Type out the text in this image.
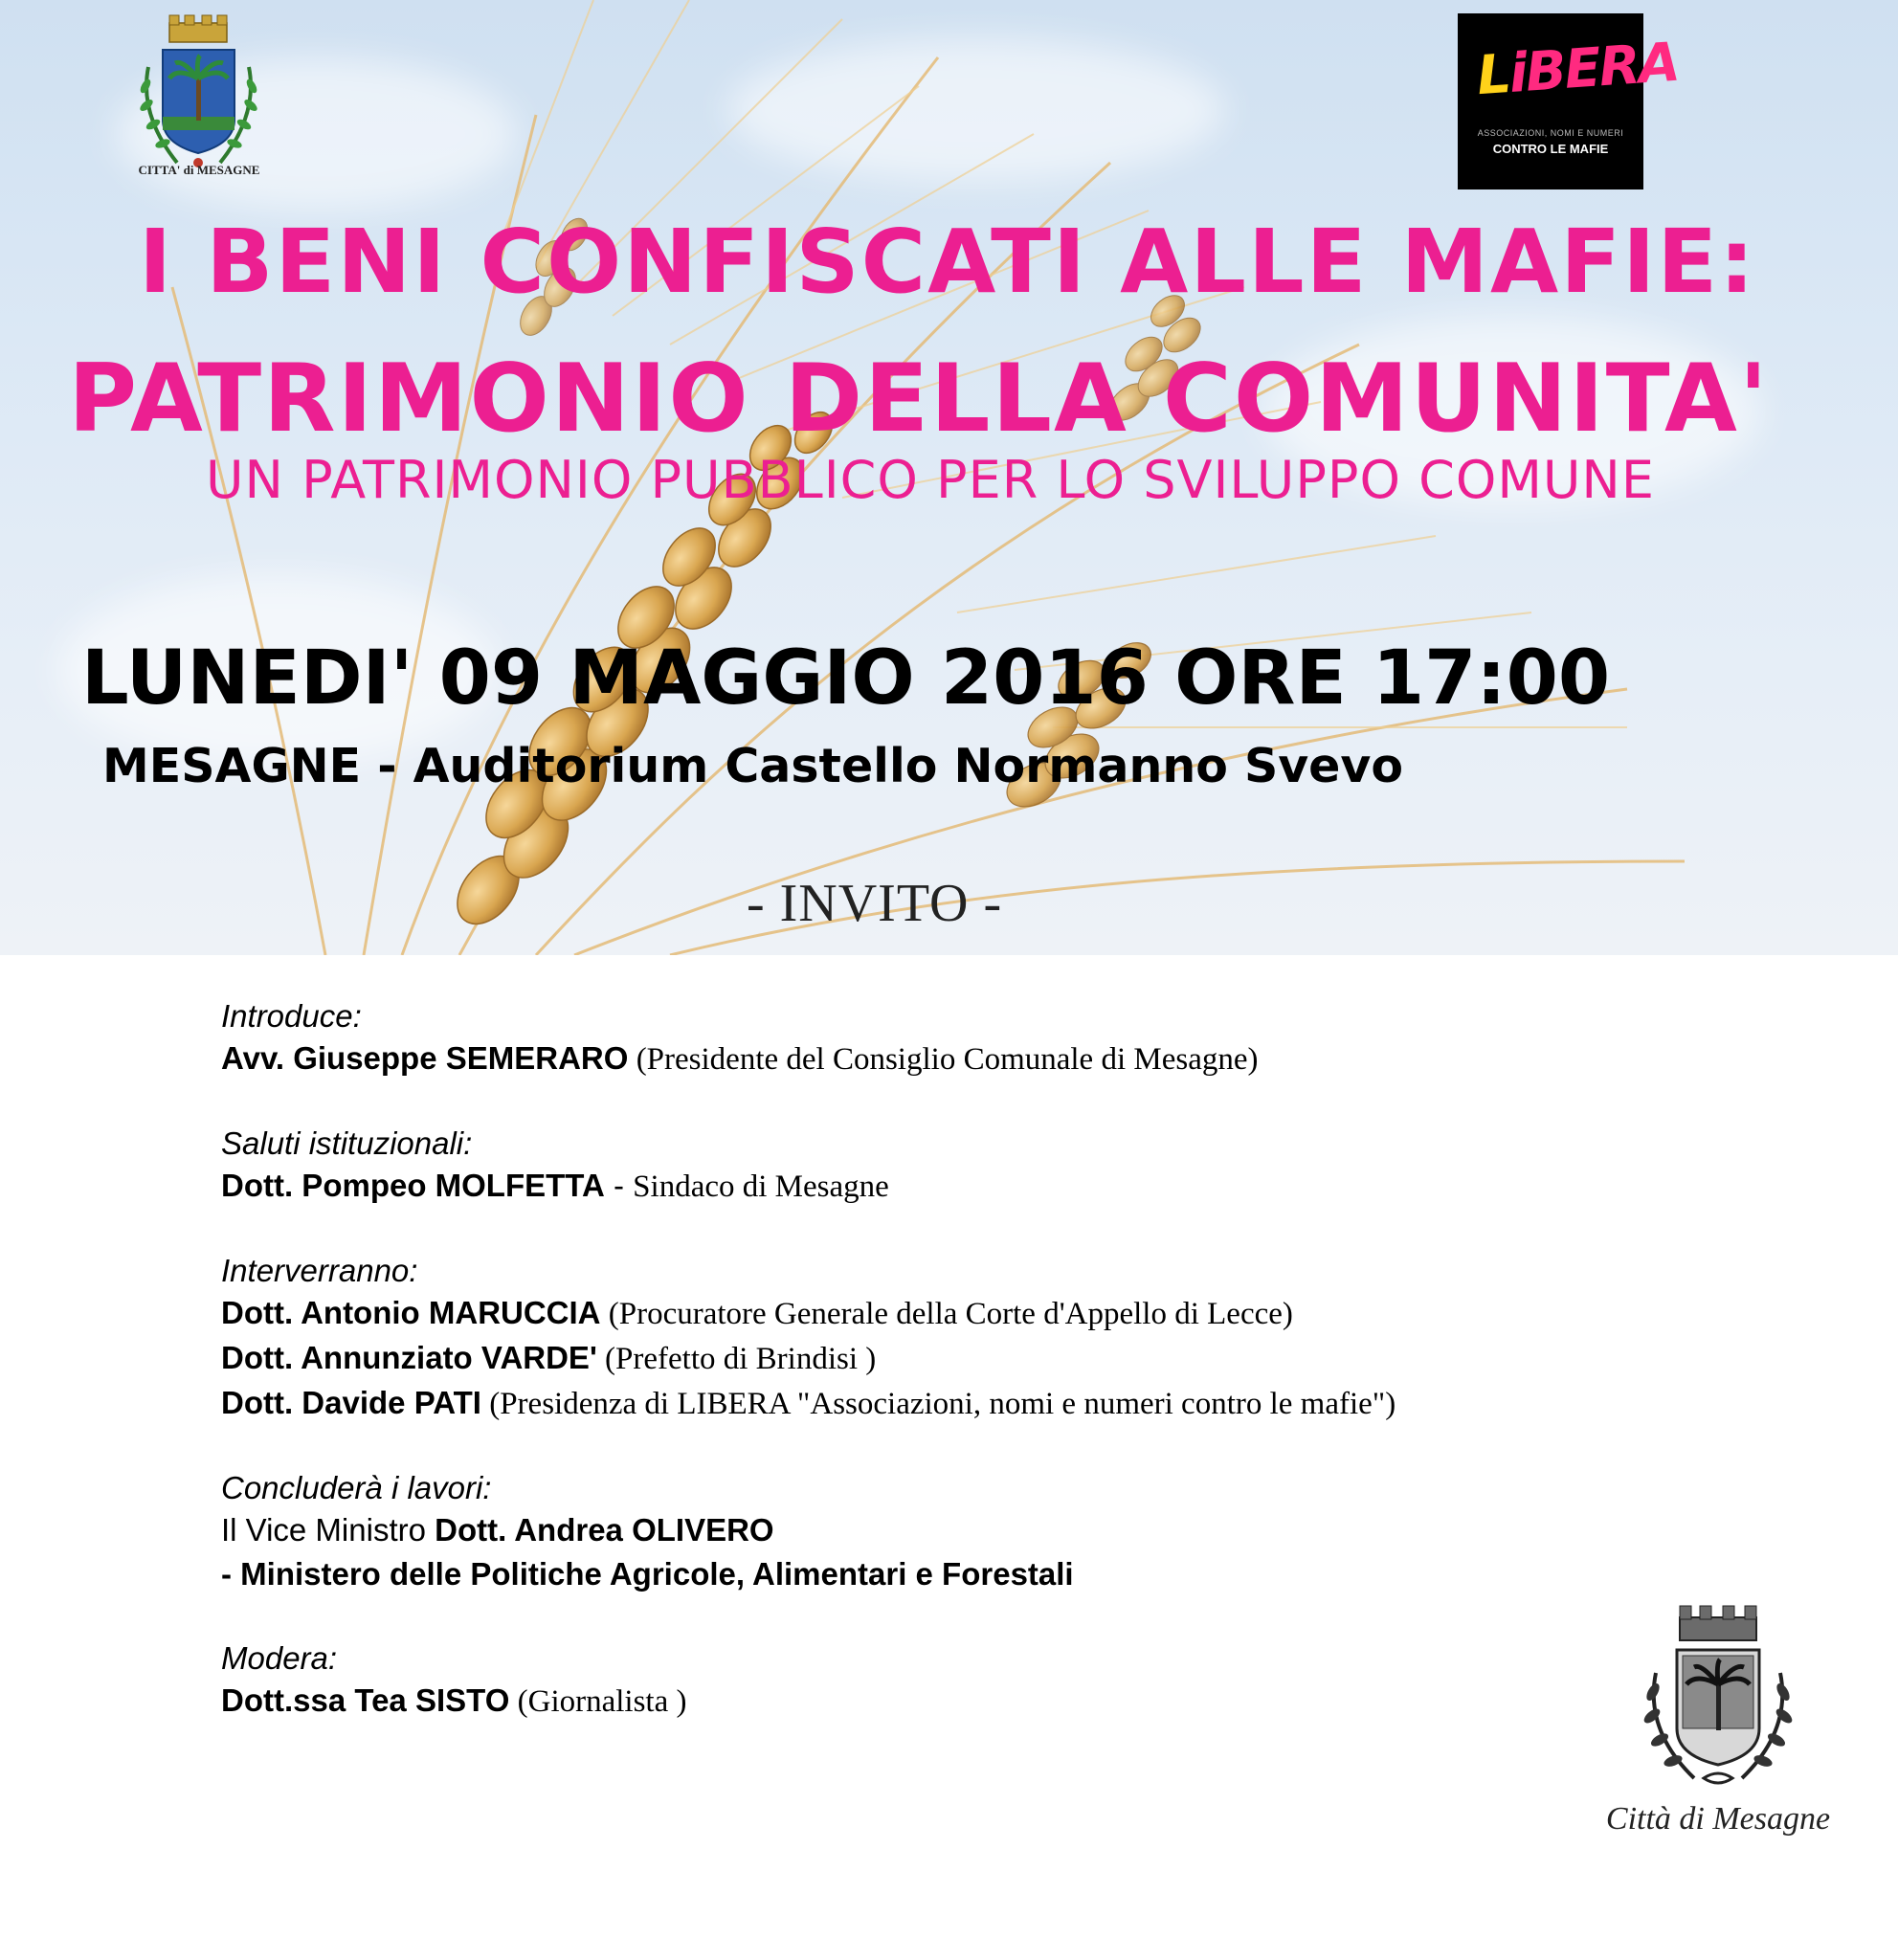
CITTA' di MESAGNE
LiBERA
ASSOCIAZIONI, NOMI E NUMERI
CONTRO LE MAFIE
I BENI CONFISCATI ALLE MAFIE:
PATRIMONIO DELLA COMUNITA'
UN PATRIMONIO PUBBLICO PER LO SVILUPPO COMUNE
LUNEDI' 09 MAGGIO 2016 ORE 17:00
MESAGNE - Auditorium Castello Normanno Svevo
- INVITO -
Introduce:
Avv. Giuseppe SEMERARO (Presidente del Consiglio Comunale di Mesagne)
Saluti istituzionali:
Dott. Pompeo MOLFETTA - Sindaco di Mesagne
Interverranno:
Dott. Antonio MARUCCIA (Procuratore Generale della Corte d'Appello di Lecce)
Dott. Annunziato VARDE' (Prefetto di Brindisi )
Dott. Davide PATI (Presidenza di LIBERA "Associazioni, nomi e numeri contro le mafie")
Concluderà i lavori:
Il Vice Ministro Dott. Andrea OLIVERO
- Ministero delle Politiche Agricole, Alimentari e Forestali
Modera:
Dott.ssa Tea SISTO (Giornalista )
Città di Mesagne
